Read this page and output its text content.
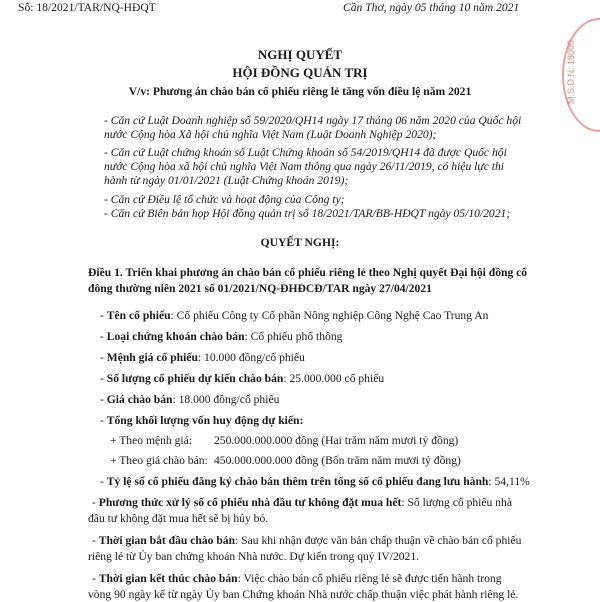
Số: 18/2021/TAR/NQ-HĐQT	Cần Thơ, ngày 05 tháng 10 năm 2021
M.S.D.N: 18000
NGHỊ QUYẾT
HỘI ĐỒNG QUẢN TRỊ
V/v: Phương án chào bán cổ phiếu riêng lẻ tăng vốn điều lệ năm 2021
- Căn cứ Luật Doanh nghiệp số 59/2020/QH14 ngày 17 tháng 06 năm 2020 của Quốc hội
nước Cộng hòa Xã hội chủ nghĩa Việt Nam (Luật Doanh Nghiệp 2020);
- Căn cứ Luật chứng khoán số Luật Chứng khoán số 54/2019/QH14 đã được Quốc hội
nước Cộng hòa xã hội chủ nghĩa Việt Nam thông qua ngày 26/11/2019, có hiệu lực thi
hành từ ngày 01/01/2021 (Luật Chứng khoán 2019);
- Căn cứ Điều lệ tổ chức và hoạt động của Công ty;
- Căn cứ Biên bản họp Hội đồng quản trị số 18/2021/TAR/BB-HĐQT ngày 05/10/2021;
QUYẾT NGHỊ:
Điều 1. Triển khai phương án chào bán cổ phiếu riêng lẻ theo Nghị quyết Đại hội đồng cổ
đông thường niên 2021 số 01/2021/NQ-ĐHĐCĐ/TAR ngày 27/04/2021
- Tên cổ phiếu: Cổ phiếu Công ty Cổ phần Nông nghiệp Công Nghệ Cao Trung An
- Loại chứng khoán chào bán: Cổ phiếu phổ thông
- Mệnh giá cổ phiếu: 10.000 đồng/cổ phiếu
- Số lượng cổ phiếu dự kiến chào bán: 25.000.000 cổ phiếu
- Giá chào bán: 18.000 đồng/cổ phiếu
- Tổng khối lượng vốn huy động dự kiến:
+ Theo mệnh giá: 250.000.000.000 đồng (Hai trăm năm mươi tỷ đồng)
+ Theo giá chào bán: 450.000.000.000 đồng (Bốn trăm năm mươi tỷ đồng)
- Tỷ lệ số cổ phiếu đăng ký chào bán thêm trên tổng số cổ phiếu đang lưu hành: 54,11%
- Phương thức xử lý số cổ phiếu nhà đầu tư không đặt mua hết: Số lượng cổ phiếu nhà
đầu tư không đặt mua hết sẽ bị hủy bỏ.
- Thời gian bắt đầu chào bán: Sau khi nhận được văn bản chấp thuận về chào bán cổ phiếu
riêng lẻ từ Ủy ban chứng khoán Nhà nước. Dự kiến trong quý IV/2021.
- Thời gian kết thúc chào bán: Việc chào bán cổ phiếu riêng lẻ sẽ được tiến hành trong
vòng 90 ngày kể từ ngày Ủy ban Chứng khoán Nhà nước chấp thuận việc phát hành riêng lẻ.
